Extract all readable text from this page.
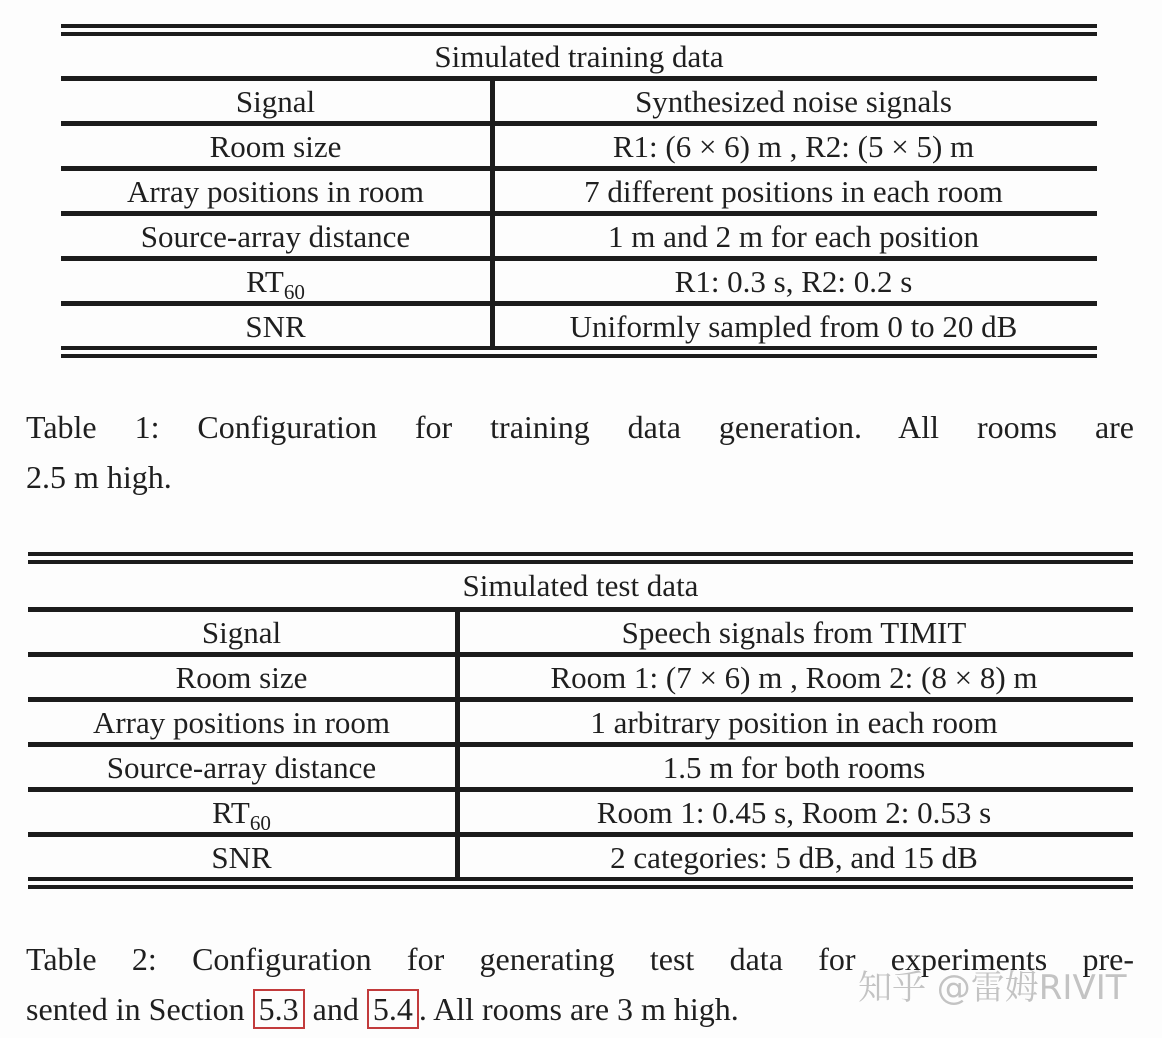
Simulated training data
Signal	Synthesized noise signals
Room size	R1: (6 × 6) m , R2: (5 × 5) m
Array positions in room	7 different positions in each room
Source-array distance	1 m and 2 m for each position
$RT_{60}$	R1: 0.3 s, R2: 0.2 s
SNR	Uniformly sampled from 0 to 20 dB
Table 1: Configuration for training data generation. All rooms are
2.5 m high.
Simulated test data
Signal	Speech signals from TIMIT
Room size	Room 1: (7 × 6) m , Room 2: (8 × 8) m
Array positions in room	1 arbitrary position in each room
Source-array distance	1.5 m for both rooms
$RT_{60}$	Room 1: 0.45 s, Room 2: 0.53 s
SNR	2 categories: 5 dB, and 15 dB
Table 2: Configuration for generating test data for experiments pre-
sented in Section 5.3 and 5.4 . All rooms are 3 m high.
知乎 @雷姆RIVIT
